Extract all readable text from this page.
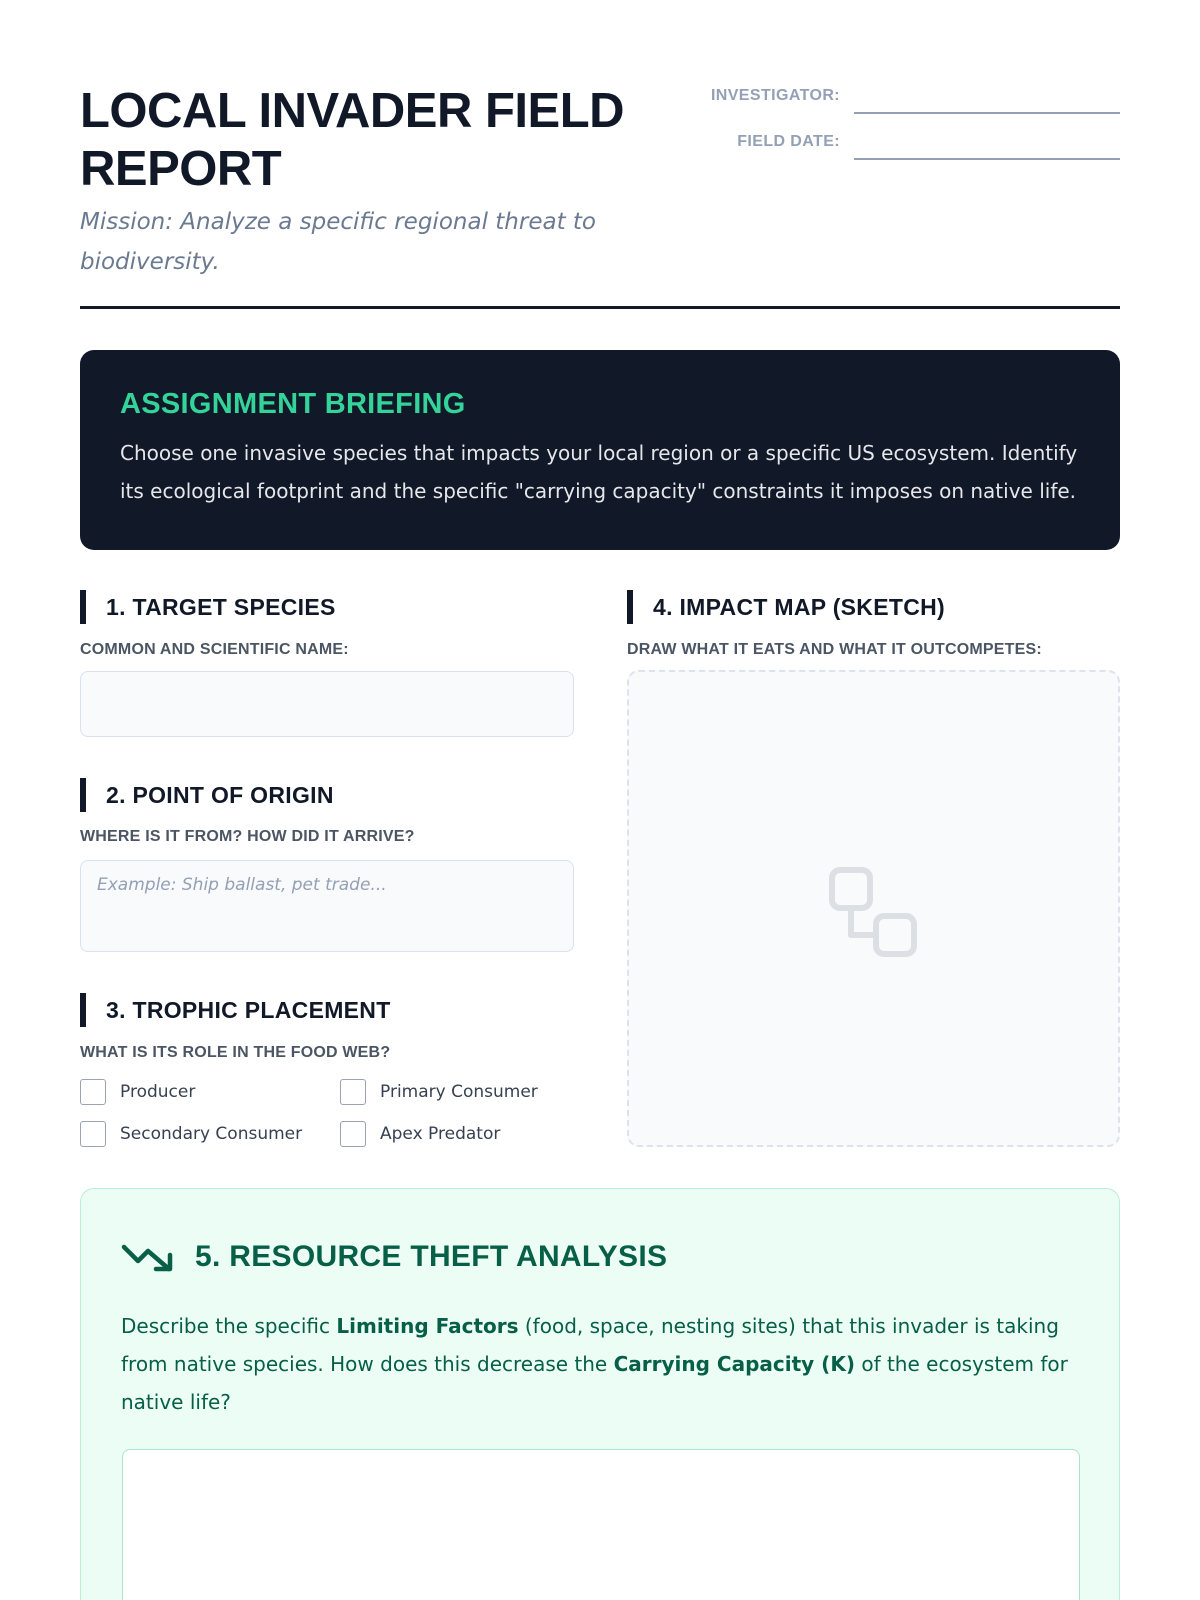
LOCAL INVADER FIELD REPORT
Mission: Analyze a specific regional threat to biodiversity.
INVESTIGATOR:
FIELD DATE:
ASSIGNMENT BRIEFING
Choose one invasive species that impacts your local region or a specific US ecosystem. Identify its ecological footprint and the specific "carrying capacity" constraints it imposes on native life.
1. TARGET SPECIES
COMMON AND SCIENTIFIC NAME:
2. POINT OF ORIGIN
WHERE IS IT FROM? HOW DID IT ARRIVE?
Example: Ship ballast, pet trade...
3. TROPHIC PLACEMENT
WHAT IS ITS ROLE IN THE FOOD WEB?
Producer	Primary Consumer
Secondary Consumer	Apex Predator
4. IMPACT MAP (SKETCH)
DRAW WHAT IT EATS AND WHAT IT OUTCOMPETES:
5. RESOURCE THEFT ANALYSIS
Describe the specific Limiting Factors (food, space, nesting sites) that this invader is taking from native species. How does this decrease the Carrying Capacity (K) of the ecosystem for native life?
